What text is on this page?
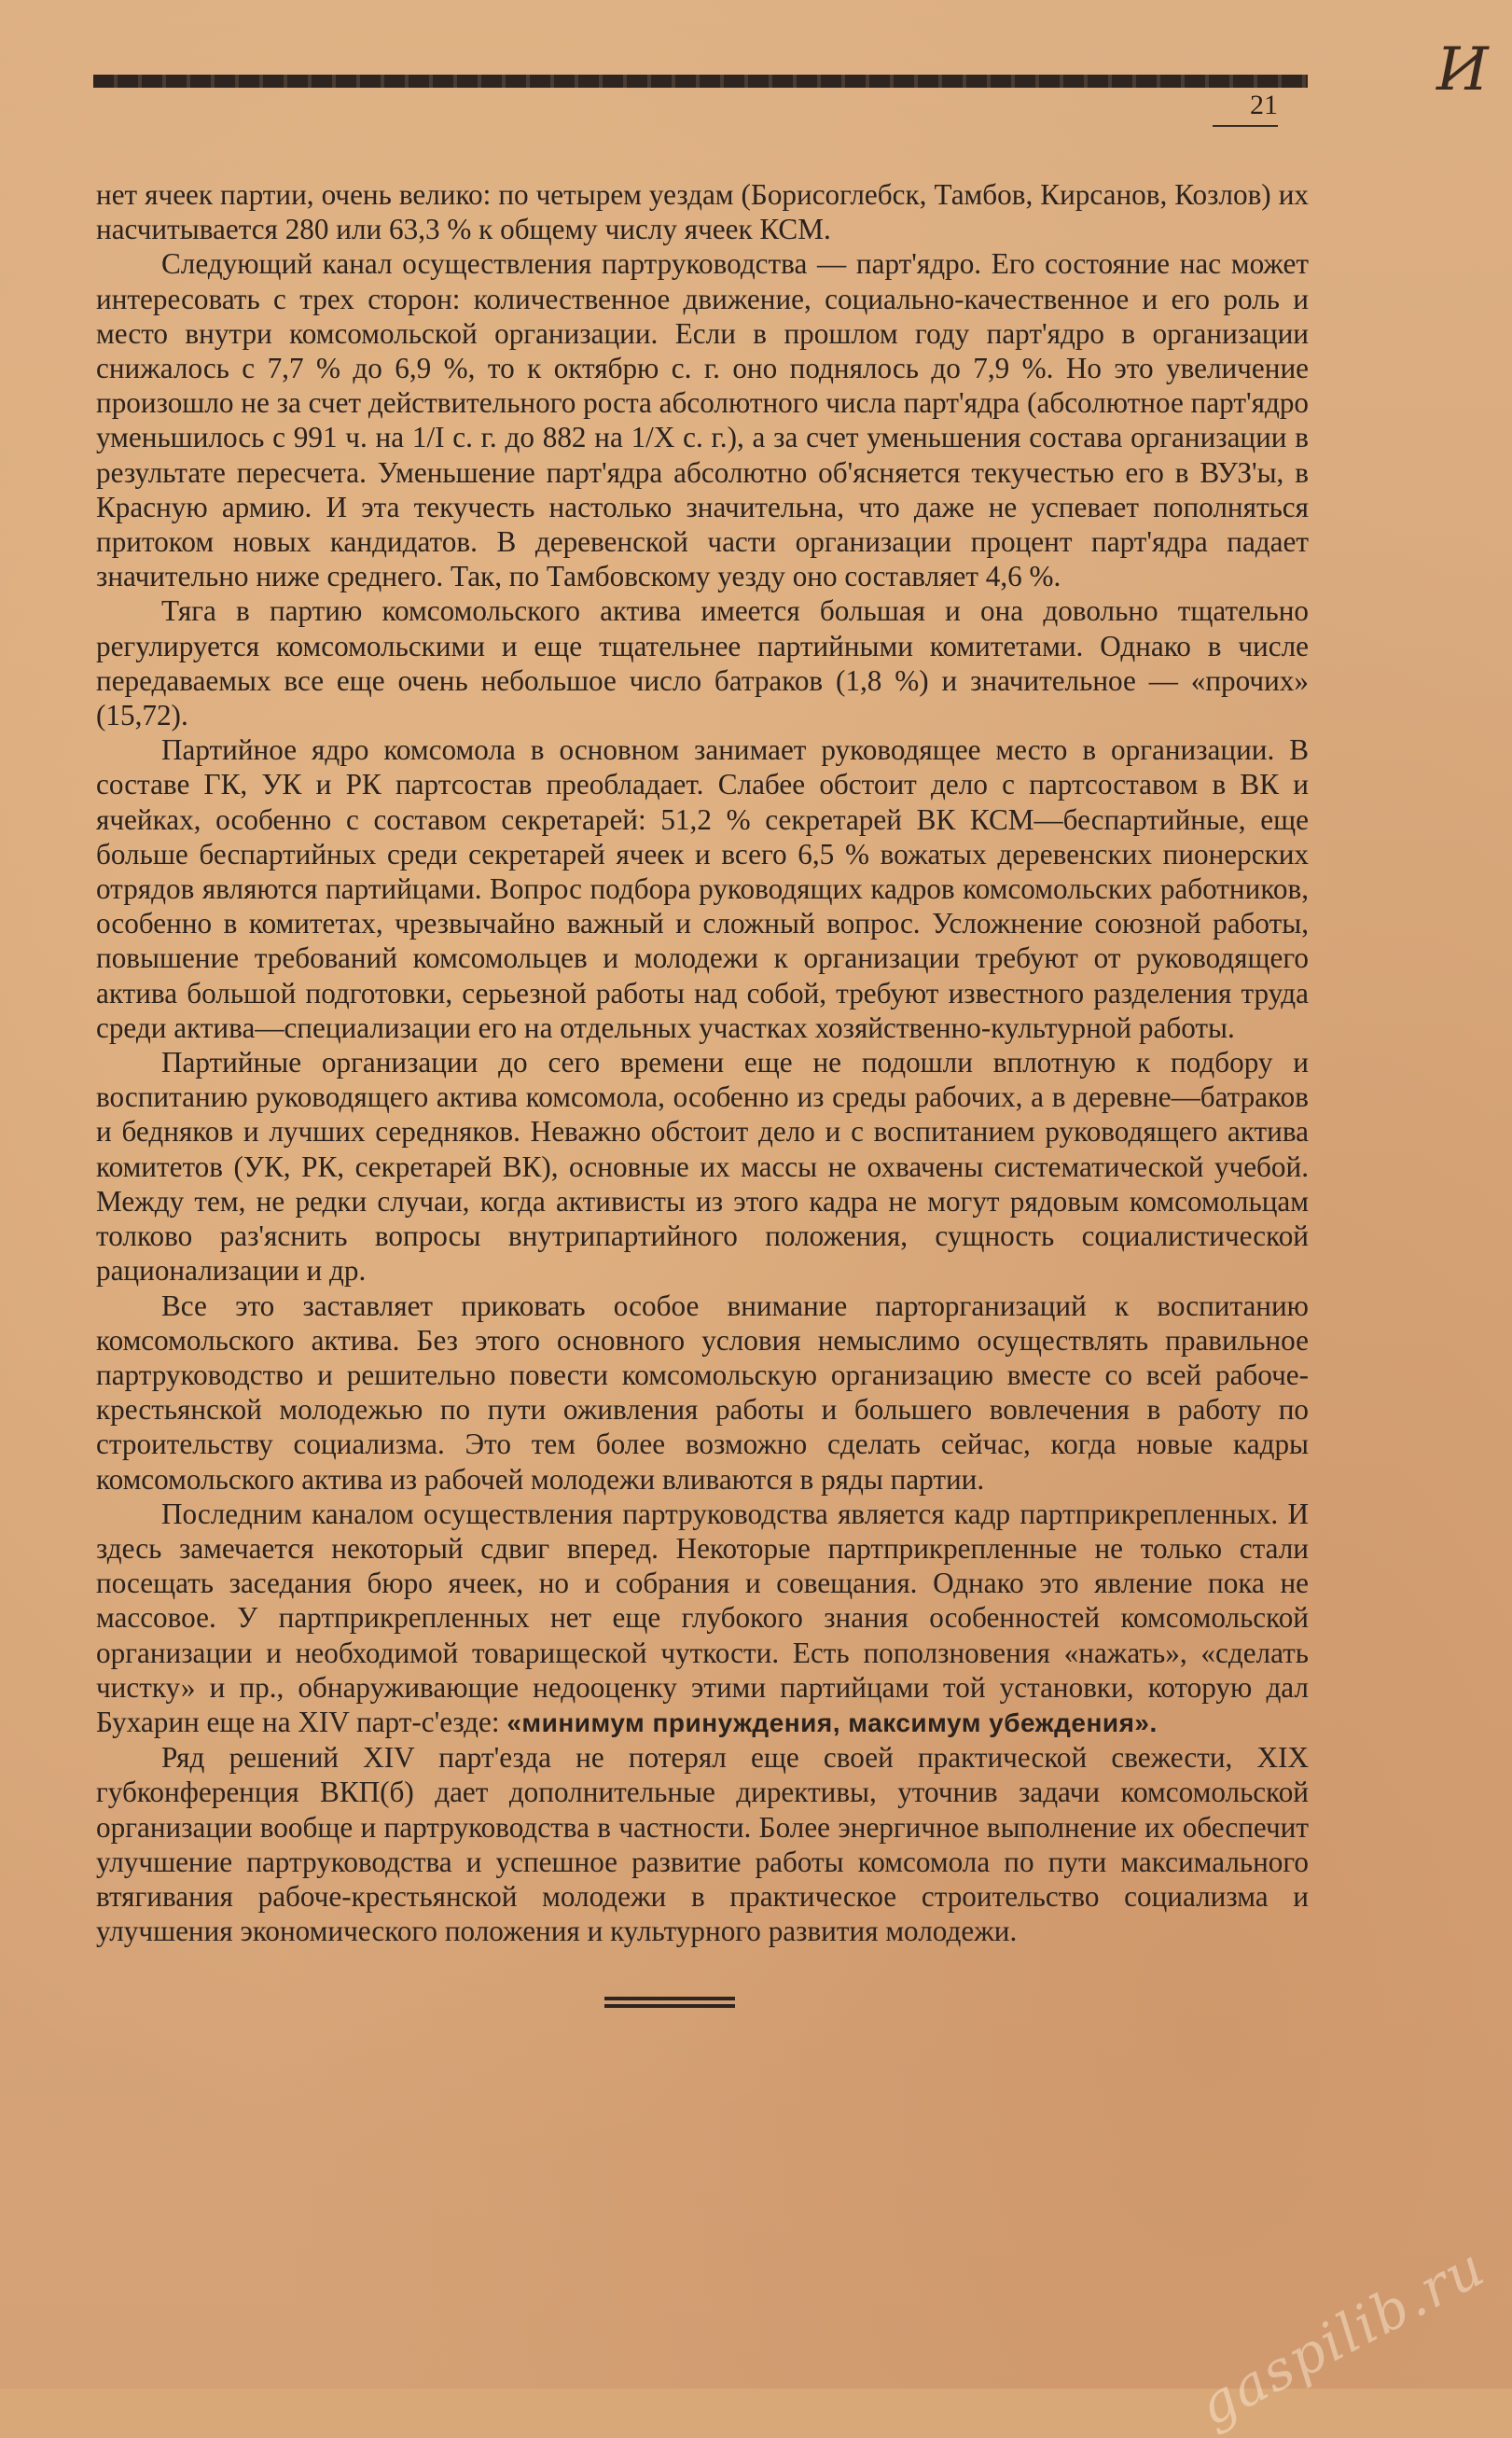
И
21

нет ячеек партии, очень велико: по четырем уездам (Борисоглебск, Тамбов, Кирсанов, Козлов) их насчитывается 280 или 63,3 % к общему числу ячеек КСМ.

Следующий канал осуществления партруководства — парт'ядро. Его состояние нас может интересовать с трех сторон: количественное движение, социально-качественное и его роль и место внутри комсомольской организации. Если в прошлом году парт'ядро в организации снижалось с 7,7 % до 6,9 %, то к октябрю с. г. оно поднялось до 7,9 %. Но это увеличение произошло не за счет действительного роста абсолютного числа парт'ядра (абсолютное парт'ядро уменьшилось с 991 ч. на 1/I с. г. до 882 на 1/X с. г.), а за счет уменьшения состава организации в результате пересчета. Уменьшение парт'ядра абсолютно об'ясняется текучестью его в ВУЗ'ы, в Красную армию. И эта текучесть настолько значительна, что даже не успевает пополняться притоком новых кандидатов. В деревенской части организации процент парт'ядра падает значительно ниже среднего. Так, по Тамбовскому уезду оно составляет 4,6 %.

Тяга в партию комсомольского актива имеется большая и она довольно тщательно регулируется комсомольскими и еще тщательнее партийными комитетами. Однако в числе передаваемых все еще очень небольшое число батраков (1,8 %) и значительное — «прочих» (15,72).

Партийное ядро комсомола в основном занимает руководящее место в организации. В составе ГК, УК и РК партсостав преобладает. Слабее обстоит дело с партсоставом в ВК и ячейках, особенно с составом секретарей: 51,2 % секретарей ВК КСМ—беспартийные, еще больше беспартийных среди секретарей ячеек и всего 6,5 % вожатых деревенских пионерских отрядов являются партийцами. Вопрос подбора руководящих кадров комсомольских работников, особенно в комитетах, чрезвычайно важный и сложный вопрос. Усложнение союзной работы, повышение требований комсомольцев и молодежи к организации требуют от руководящего актива большой подготовки, серьезной работы над собой, требуют известного разделения труда среди актива—специализации его на отдельных участках хозяйственно-культурной работы.

Партийные организации до сего времени еще не подошли вплотную к подбору и воспитанию руководящего актива комсомола, особенно из среды рабочих, а в деревне—батраков и бедняков и лучших середняков. Неважно обстоит дело и с воспитанием руководящего актива комитетов (УК, РК, секретарей ВК), основные их массы не охвачены систематической учебой. Между тем, не редки случаи, когда активисты из этого кадра не могут рядовым комсомольцам толково раз'яснить вопросы внутрипартийного положения, сущность социалистической рационализации и др.

Все это заставляет приковать особое внимание парторганизаций к воспитанию комсомольского актива. Без этого основного условия немыслимо осуществлять правильное партруководство и решительно повести комсомольскую организацию вместе со всей рабоче-крестьянской молодежью по пути оживления работы и большего вовлечения в работу по строительству социализма. Это тем более возможно сделать сейчас, когда новые кадры комсомольского актива из рабочей молодежи вливаются в ряды партии.

Последним каналом осуществления партруководства является кадр партприкрепленных. И здесь замечается некоторый сдвиг вперед. Некоторые партприкрепленные не только стали посещать заседания бюро ячеек, но и собрания и совещания. Однако это явление пока не массовое. У партприкрепленных нет еще глубокого знания особенностей комсомольской организации и необходимой товарищеской чуткости. Есть поползновения «нажать», «сделать чистку» и пр., обнаруживающие недооценку этими партийцами той установки, которую дал Бухарин еще на XIV парт-с'езде: «минимум принуждения, максимум убеждения».

Ряд решений XIV парт'езда не потерял еще своей практической свежести, XIX губконференция ВКП(б) дает дополнительные директивы, уточнив задачи комсомольской организации вообще и партруководства в частности. Более энергичное выполнение их обеспечит улучшение партруководства и успешное развитие работы комсомола по пути максимального втягивания рабоче-крестьянской молодежи в практическое строительство социализма и улучшения экономического положения и культурного развития молодежи.

gaspilib.ru
